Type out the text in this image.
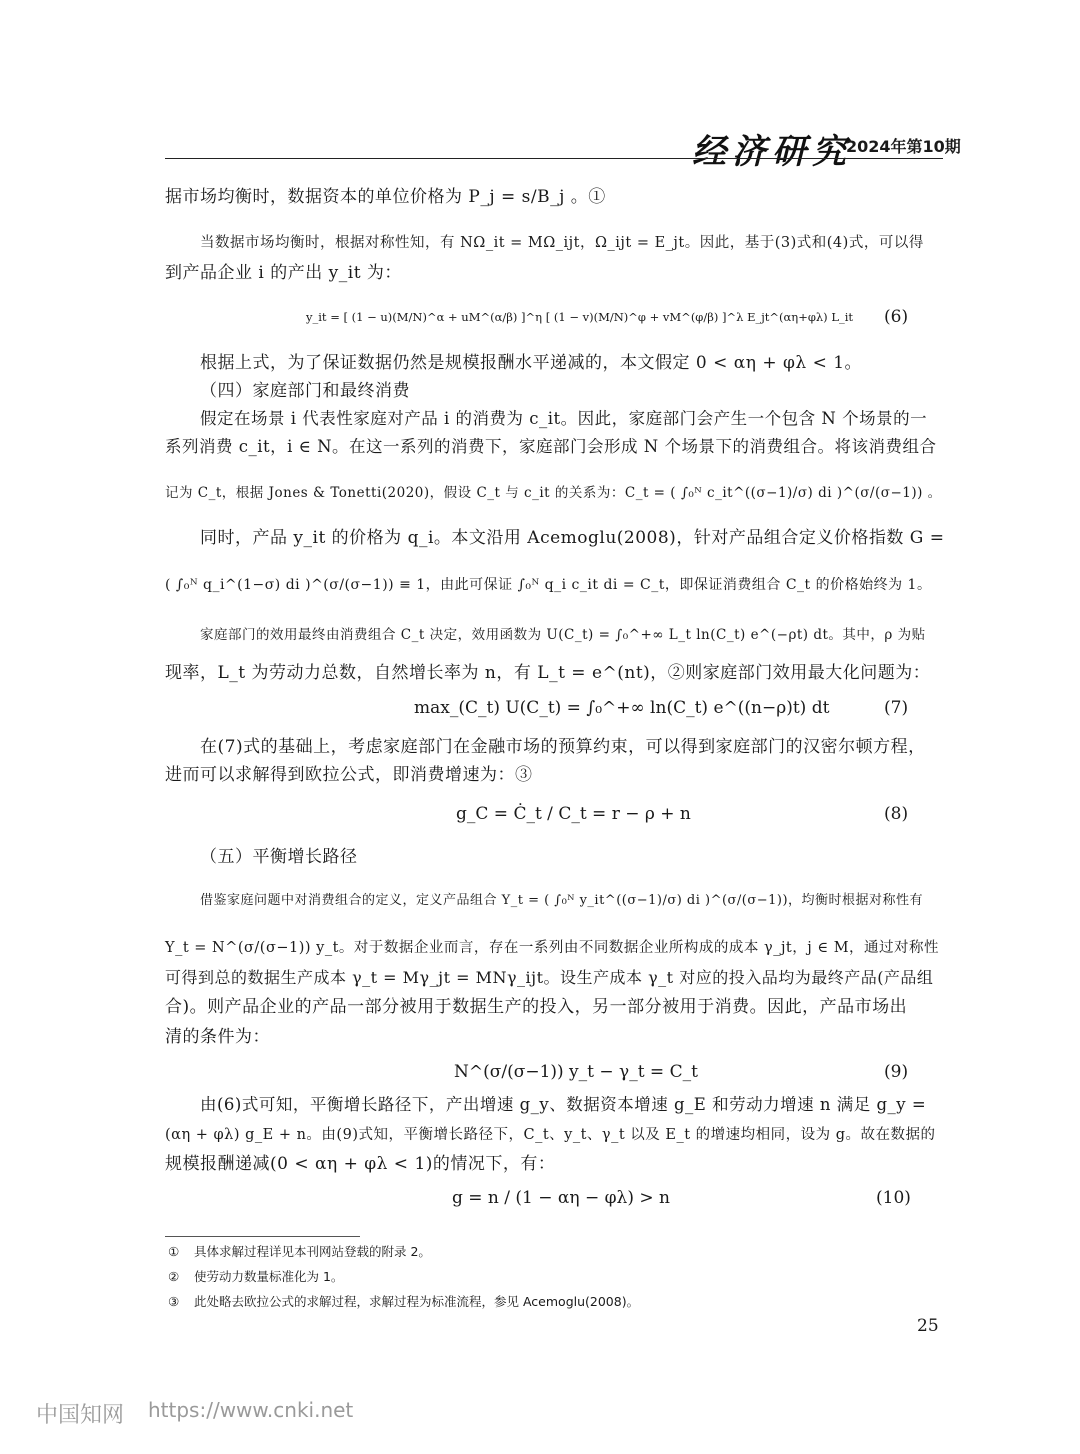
经济研究
2024年第10期
据市场均衡时，数据资本的单位价格为 P_j = s/B_j 。①
当数据市场均衡时，根据对称性知，有 NΩ_it = MΩ_ijt，Ω_ijt = E_jt。因此，基于(3)式和(4)式，可以得
到产品企业 i 的产出 y_it 为：
y_it = [ (1 − u)(M/N)^α + uM^(α/β) ]^η [ (1 − v)(M/N)^φ + vM^(φ/β) ]^λ E_jt^(αη+φλ) L_it (6)
根据上式，为了保证数据仍然是规模报酬水平递减的，本文假定 0 < αη + φλ < 1。
（四）家庭部门和最终消费
假定在场景 i 代表性家庭对产品 i 的消费为 c_it。因此，家庭部门会产生一个包含 N 个场景的一
系列消费 c_it，i ∈ N。在这一系列的消费下，家庭部门会形成 N 个场景下的消费组合。将该消费组合
记为 C_t，根据 Jones & Tonetti(2020)，假设 C_t 与 c_it 的关系为：C_t = ( ∫₀ᴺ c_it^((σ−1)/σ) di )^(σ/(σ−1)) 。
同时，产品 y_it 的价格为 q_i。本文沿用 Acemoglu(2008)，针对产品组合定义价格指数 G =
( ∫₀ᴺ q_i^(1−σ) di )^(σ/(σ−1)) ≡ 1，由此可保证 ∫₀ᴺ q_i c_it di = C_t，即保证消费组合 C_t 的价格始终为 1。
家庭部门的效用最终由消费组合 C_t 决定，效用函数为 U(C_t) = ∫₀^+∞ L_t ln(C_t) e^(−ρt) dt。其中，ρ 为贴
现率，L_t 为劳动力总数，自然增长率为 n，有 L_t = e^(nt)，②则家庭部门效用最大化问题为：
max_(C_t) U(C_t) = ∫₀^+∞ ln(C_t) e^((n−ρ)t) dt	(7)
在(7)式的基础上，考虑家庭部门在金融市场的预算约束，可以得到家庭部门的汉密尔顿方程，
进而可以求解得到欧拉公式，即消费增速为：③
g_C = Ċ_t / C_t = r − ρ + n	(8)
（五）平衡增长路径
借鉴家庭问题中对消费组合的定义，定义产品组合 Y_t = ( ∫₀ᴺ y_it^((σ−1)/σ) di )^(σ/(σ−1))，均衡时根据对称性有
Y_t = N^(σ/(σ−1)) y_t。对于数据企业而言，存在一系列由不同数据企业所构成的成本 γ_jt，j ∈ M，通过对称性
可得到总的数据生产成本 γ_t = Mγ_jt = MNγ_ijt。设生产成本 γ_t 对应的投入品均为最终产品(产品组
合)。则产品企业的产品一部分被用于数据生产的投入，另一部分被用于消费。因此，产品市场出
清的条件为：
N^(σ/(σ−1)) y_t − γ_t = C_t	(9)
由(6)式可知，平衡增长路径下，产出增速 g_y、数据资本增速 g_E 和劳动力增速 n 满足 g_y =
(αη + φλ) g_E + n。由(9)式知，平衡增长路径下，C_t、y_t、γ_t 以及 E_t 的增速均相同，设为 g。故在数据的
规模报酬递减(0 < αη + φλ < 1)的情况下，有：
g = n / (1 − αη − φλ) > n	(10)
① 具体求解过程详见本刊网站登载的附录 2。
② 使劳动力数量标准化为 1。
③ 此处略去欧拉公式的求解过程，求解过程为标准流程，参见 Acemoglu(2008)。
25
中国知网 https://www.cnki.net
